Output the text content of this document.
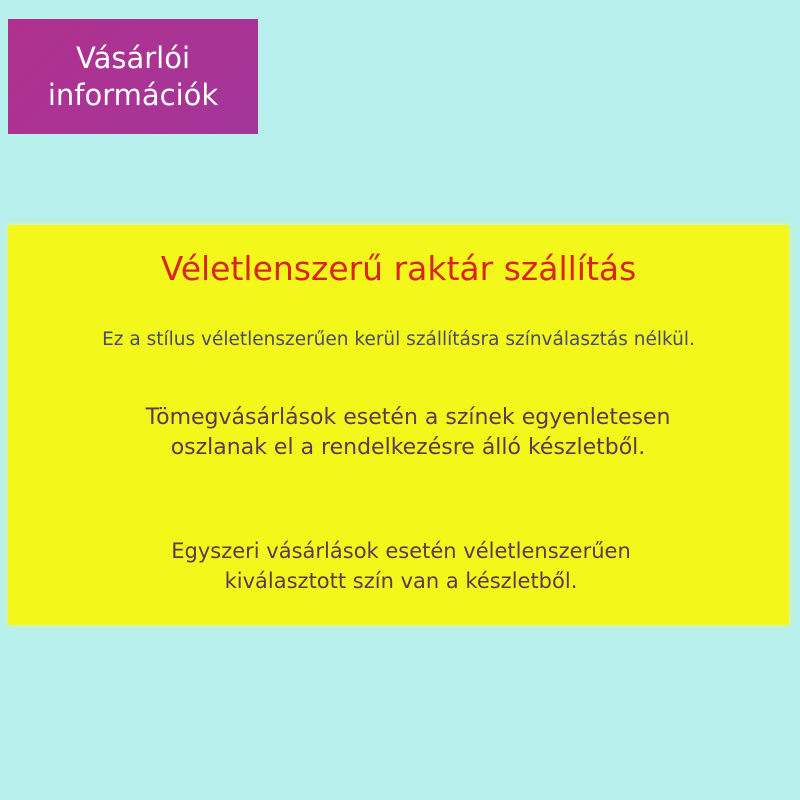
Vásárlói
információk
Véletlenszerű raktár szállítás

Ez a stílus véletlenszerűen kerül szállításra színválasztás nélkül.

Tömegvásárlások esetén a színek egyenletesen
oszlanak el a rendelkezésre álló készletből.

Egyszeri vásárlások esetén véletlenszerűen
kiválasztott szín van a készletből.
